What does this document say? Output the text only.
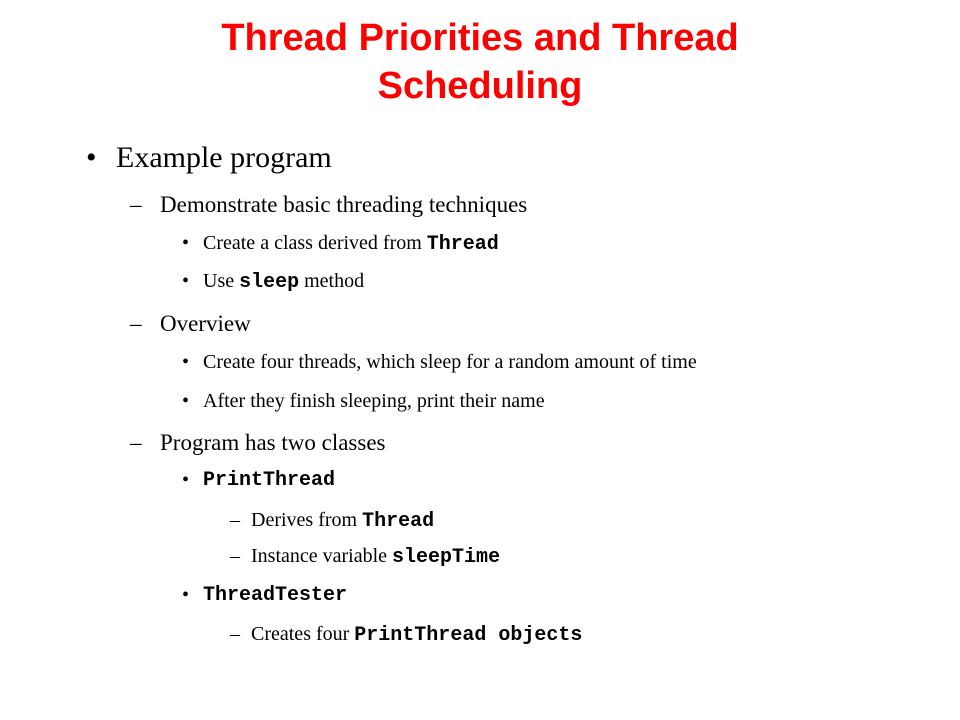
Thread Priorities and Thread
Scheduling
• Example program
– Demonstrate basic threading techniques
• Create a class derived from Thread
• Use sleep method
– Overview
• Create four threads, which sleep for a random amount of time
• After they finish sleeping, print their name
– Program has two classes
• PrintThread
– Derives from Thread
– Instance variable sleepTime
• ThreadTester
– Creates four PrintThread objects
